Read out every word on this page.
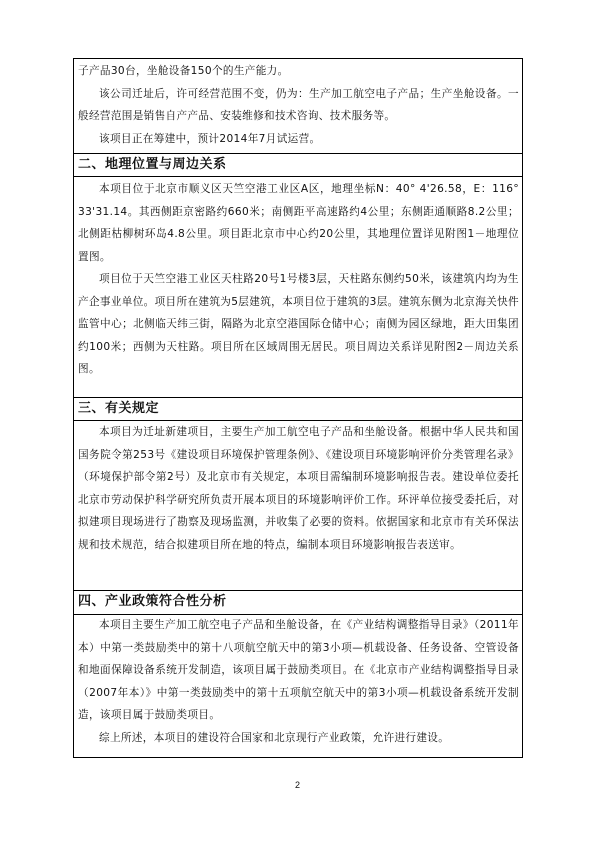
子产品30台，坐舱设备150个的生产能力。

该公司迁址后，许可经营范围不变，仍为：生产加工航空电子产品；生产坐舱设备。一般经营范围是销售自产产品、安装维修和技术咨询、技术服务等。

该项目正在筹建中，预计2014年7月试运营。

二、地理位置与周边关系

本项目位于北京市顺义区天竺空港工业区A区，地理坐标N：40° 4'26.58，E：116° 33'31.14。其西侧距京密路约660米；南侧距平高速路约4公里；东侧距通顺路8.2公里；北侧距枯柳树环岛4.8公里。项目距北京市中心约20公里，其地理位置详见附图1－地理位置图。

项目位于天竺空港工业区天柱路20号1号楼3层，天柱路东侧约50米，该建筑内均为生产企事业单位。项目所在建筑为5层建筑，本项目位于建筑的3层。建筑东侧为北京海关快件监管中心；北侧临天纬三街，隔路为北京空港国际仓储中心；南侧为园区绿地，距大田集团约100米；西侧为天柱路。项目所在区域周围无居民。项目周边关系详见附图2－周边关系图。

三、有关规定

本项目为迁址新建项目，主要生产加工航空电子产品和坐舱设备。根据中华人民共和国国务院令第253号《建设项目环境保护管理条例》、《建设项目环境影响评价分类管理名录》（环境保护部令第2号）及北京市有关规定，本项目需编制环境影响报告表。建设单位委托北京市劳动保护科学研究所负责开展本项目的环境影响评价工作。环评单位接受委托后，对拟建项目现场进行了勘察及现场监测，并收集了必要的资料。依据国家和北京市有关环保法规和技术规范，结合拟建项目所在地的特点，编制本项目环境影响报告表送审。

四、产业政策符合性分析

本项目主要生产加工航空电子产品和坐舱设备，在《产业结构调整指导目录》（2011年本）中第一类鼓励类中的第十八项航空航天中的第3小项—机载设备、任务设备、空管设备和地面保障设备系统开发制造，该项目属于鼓励类项目。在《北京市产业结构调整指导目录（2007年本）》中第一类鼓励类中的第十五项航空航天中的第3小项—机载设备系统开发制造，该项目属于鼓励类项目。

综上所述，本项目的建设符合国家和北京现行产业政策，允许进行建设。

2
